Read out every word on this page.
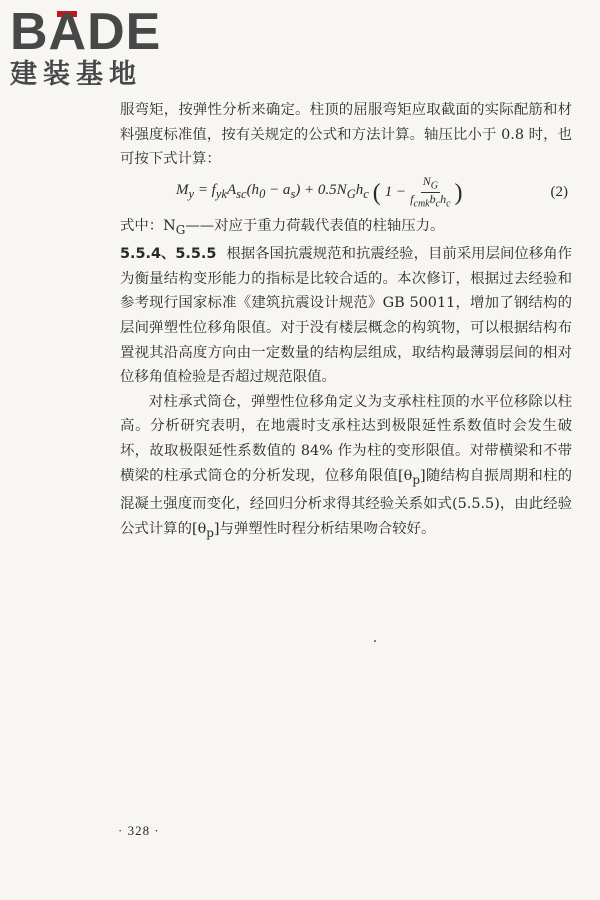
BADE
建装基地

服弯矩，按弹性分析来确定。柱顶的屈服弯矩应取截面的实际配筋和材料强度标准值，按有关规定的公式和方法计算。轴压比小于 0.8 时，也可按下式计算：

$M_y = f_{yk}A_{sc}(h_0 - a_s) + 0.5N_Gh_c$ ( $1 - \frac{N_G}{f_{cmk}b_ch_c}$ )	(2)

式中：$N_G——$对应于重力荷载代表值的柱轴压力。

5.5.4、5.5.5 根据各国抗震规范和抗震经验，目前采用层间位移角作为衡量结构变形能力的指标是比较合适的。本次修订，根据过去经验和参考现行国家标准《建筑抗震设计规范》GB 50011，增加了钢结构的层间弹塑性位移角限值。对于没有楼层概念的构筑物，可以根据结构布置视其沿高度方向由一定数量的结构层组成，取结构最薄弱层间的相对位移角值检验是否超过规范限值。

对柱承式筒仓，弹塑性位移角定义为支承柱柱顶的水平位移除以柱高。分析研究表明，在地震时支承柱达到极限延性系数值时会发生破坏，故取极限延性系数值的 84% 作为柱的变形限值。对带横梁和不带横梁的柱承式筒仓的分析发现，位移角限值$[\theta_p]$随结构自振周期和柱的混凝土强度而变化，经回归分析求得其经验关系如式(5.5.5)，由此经验公式计算的$[\theta_p]$与弹塑性时程分析结果吻合较好。

· 328 ·
